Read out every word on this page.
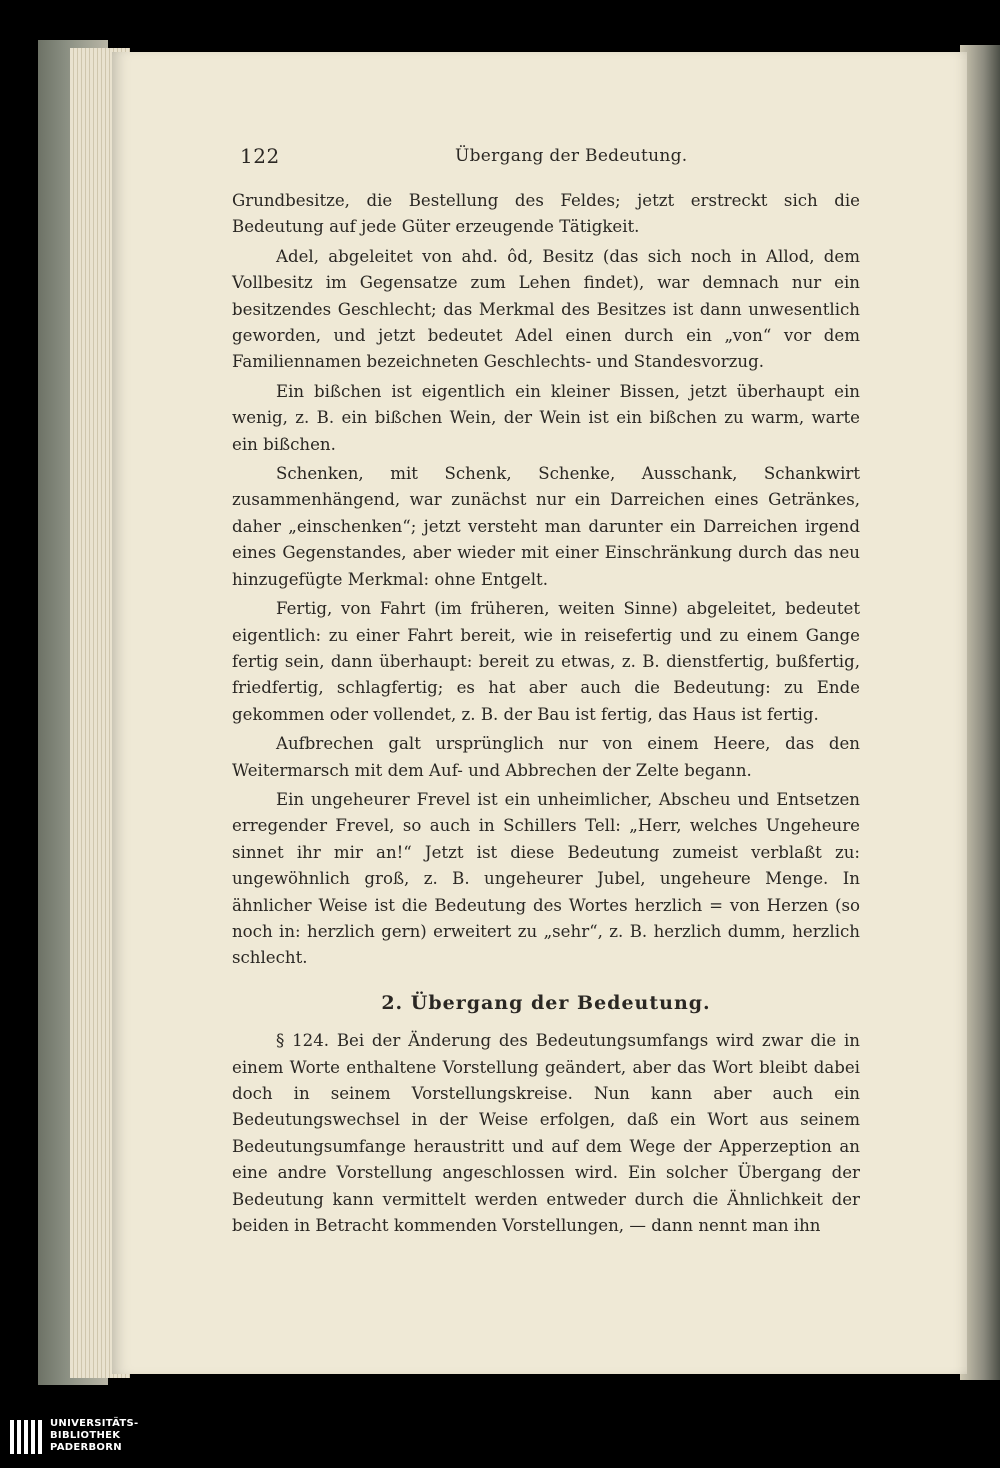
122	Übergang der Bedeutung.

Grundbesitze, die Bestellung des Feldes; jetzt erstreckt sich die Bedeutung auf jede Güter erzeugende Tätigkeit.

Adel, abgeleitet von ahd. ôd, Besitz (das sich noch in Allod, dem Vollbesitz im Gegensatze zum Lehen findet), war demnach nur ein besitzendes Geschlecht; das Merkmal des Besitzes ist dann unwesentlich geworden, und jetzt bedeutet Adel einen durch ein „von“ vor dem Familiennamen bezeichneten Geschlechts- und Standesvorzug.

Ein bißchen ist eigentlich ein kleiner Bissen, jetzt überhaupt ein wenig, z. B. ein bißchen Wein, der Wein ist ein bißchen zu warm, warte ein bißchen.

Schenken, mit Schenk, Schenke, Ausschank, Schankwirt zusammenhängend, war zunächst nur ein Darreichen eines Getränkes, daher „einschenken“; jetzt versteht man darunter ein Darreichen irgend eines Gegenstandes, aber wieder mit einer Einschränkung durch das neu hinzugefügte Merkmal: ohne Entgelt.

Fertig, von Fahrt (im früheren, weiten Sinne) abgeleitet, bedeutet eigentlich: zu einer Fahrt bereit, wie in reisefertig und zu einem Gange fertig sein, dann überhaupt: bereit zu etwas, z. B. dienstfertig, bußfertig, friedfertig, schlagfertig; es hat aber auch die Bedeutung: zu Ende gekommen oder vollendet, z. B. der Bau ist fertig, das Haus ist fertig.

Aufbrechen galt ursprünglich nur von einem Heere, das den Weitermarsch mit dem Auf- und Abbrechen der Zelte begann.

Ein ungeheurer Frevel ist ein unheimlicher, Abscheu und Entsetzen erregender Frevel, so auch in Schillers Tell: „Herr, welches Ungeheure sinnet ihr mir an!“ Jetzt ist diese Bedeutung zumeist verblaßt zu: ungewöhnlich groß, z. B. ungeheurer Jubel, ungeheure Menge. In ähnlicher Weise ist die Bedeutung des Wortes herzlich = von Herzen (so noch in: herzlich gern) erweitert zu „sehr“, z. B. herzlich dumm, herzlich schlecht.

2. Übergang der Bedeutung.

§ 124. Bei der Änderung des Bedeutungsumfangs wird zwar die in einem Worte enthaltene Vorstellung geändert, aber das Wort bleibt dabei doch in seinem Vorstellungskreise. Nun kann aber auch ein Bedeutungswechsel in der Weise erfolgen, daß ein Wort aus seinem Bedeutungsumfange heraustritt und auf dem Wege der Apperzeption an eine andre Vorstellung angeschlossen wird. Ein solcher Übergang der Bedeutung kann vermittelt werden entweder durch die Ähnlichkeit der beiden in Betracht kommenden Vorstellungen, — dann nennt man ihn

UNIVERSITÄTS-
BIBLIOTHEK
PADERBORN
